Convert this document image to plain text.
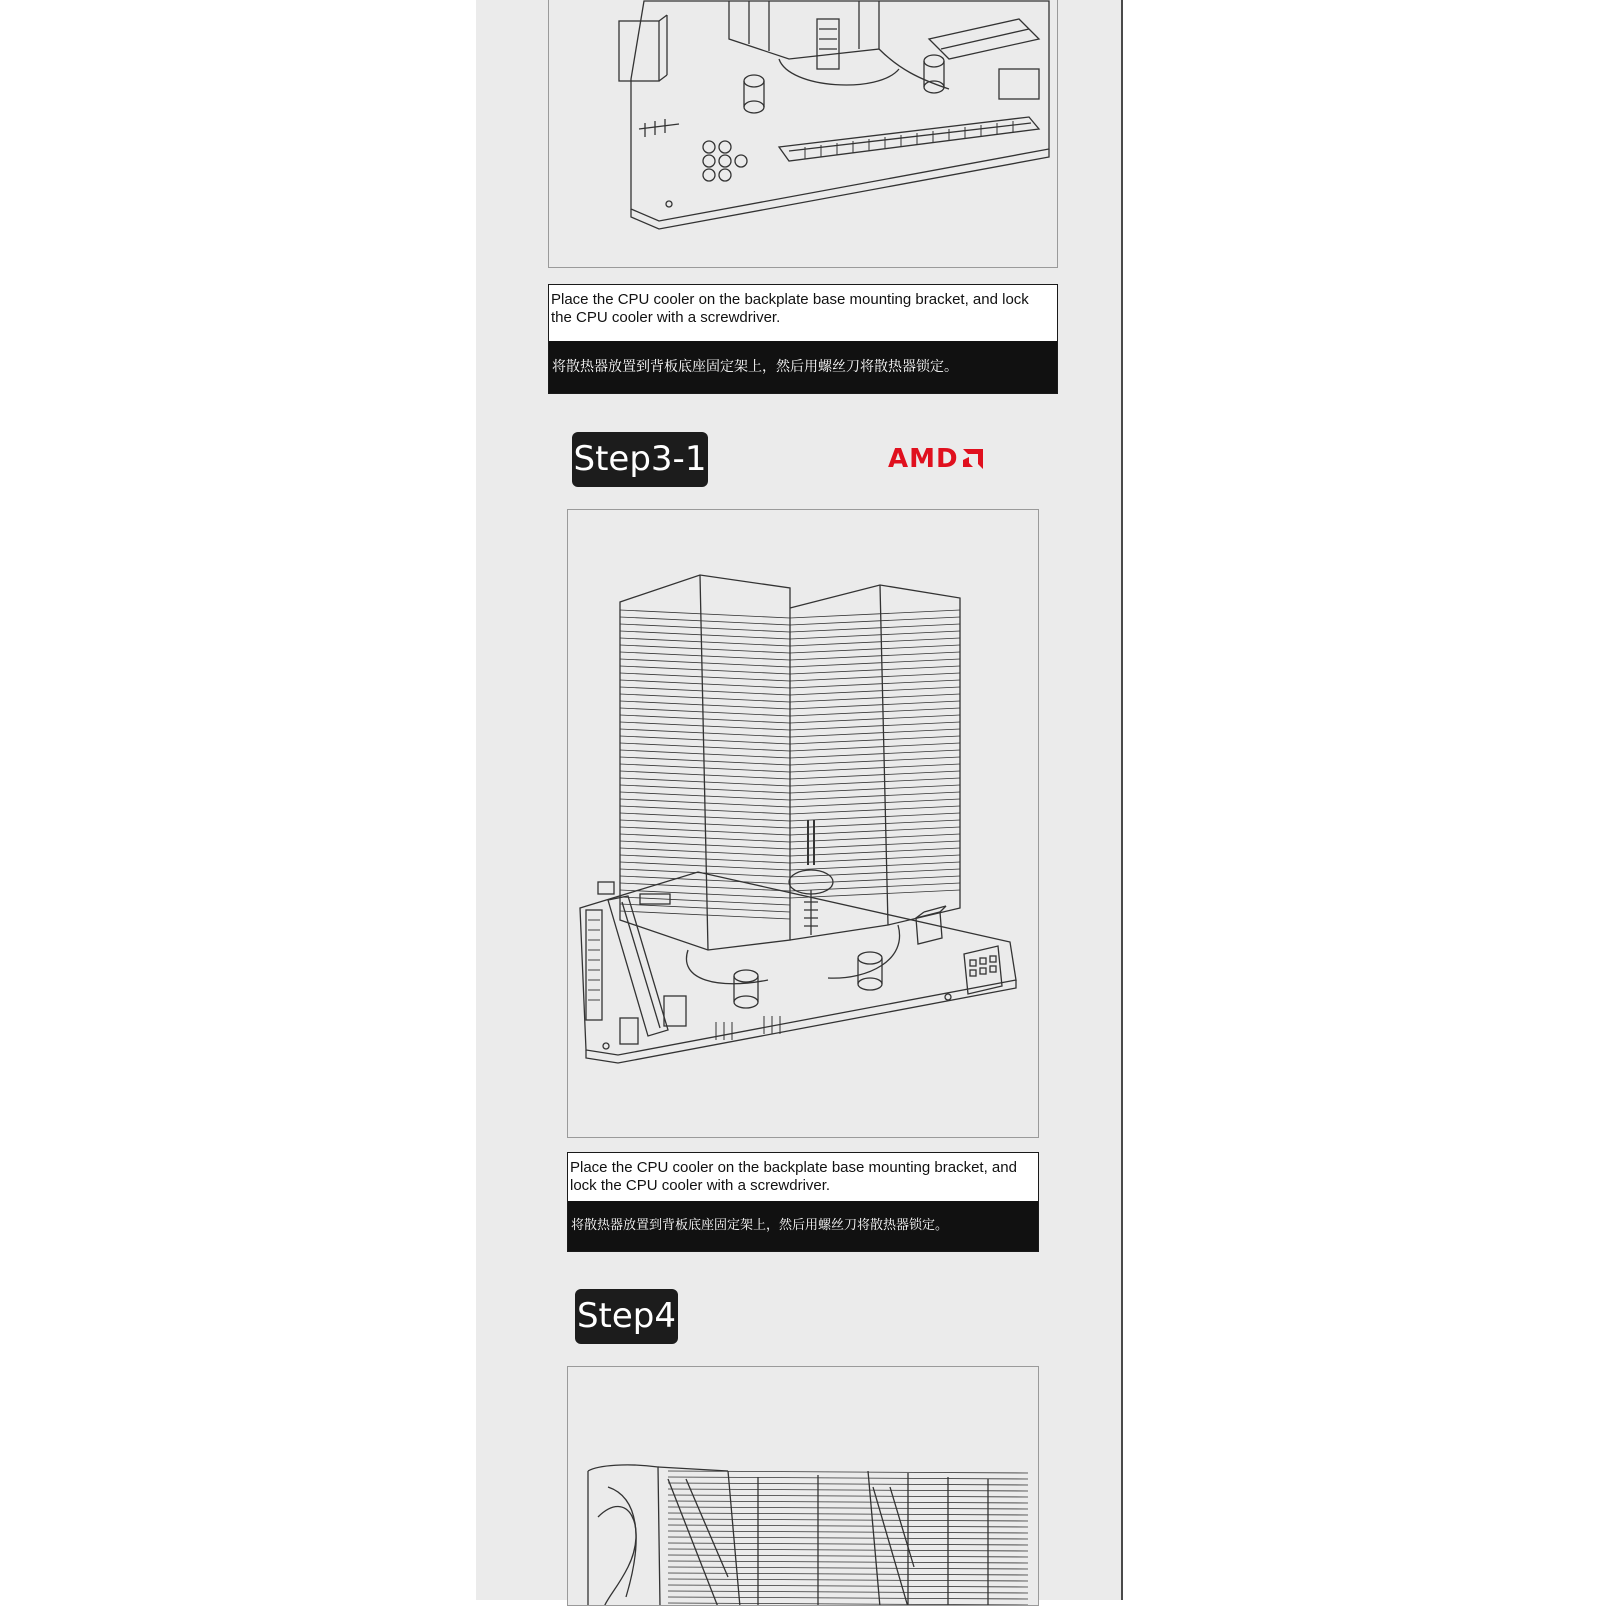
Place the CPU cooler on the backplate base mounting bracket, and lock the CPU cooler with a screwdriver.
将散热器放置到背板底座固定架上，然后用螺丝刀将散热器锁定。
Step3-1	AMD
Place the CPU cooler on the backplate base mounting bracket, and lock the CPU cooler with a screwdriver.
将散热器放置到背板底座固定架上，然后用螺丝刀将散热器锁定。
Step4
